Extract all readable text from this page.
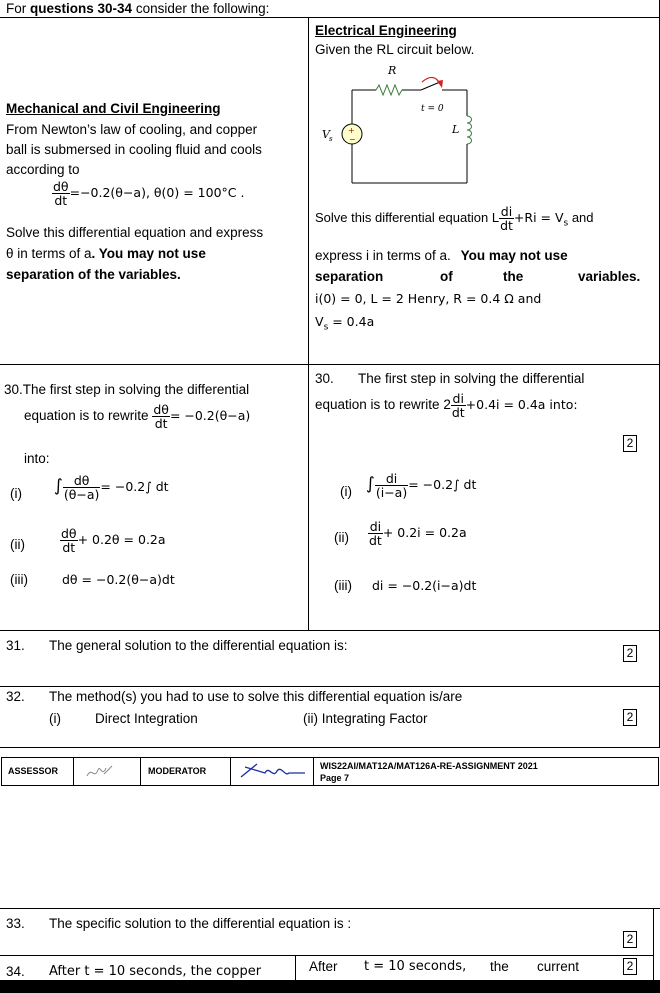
For questions 30-34 consider the following:
Mechanical and Civil Engineering
From Newton’s law of cooling, and copper
ball is submersed in cooling fluid and cools
according to
$\frac{d\theta}{dt} =-0.2(\theta-a)$, θ(0) = 100°C .
Solve this differential equation and express
θ in terms of a. You may not use
separation of the variables.
Electrical Engineering
Given the RL circuit below.
R
t = 0
V s
+
−
L
Solve this differential equation L $\frac{di}{dt} +Ri = V_s$ and
express i in terms of a. You may not use
separation	of	the	variables.
i(0) = 0, L = 2 Henry, R = 0.4 Ω and
$V_s = 0.4a$
30.The first step in solving the differential
equation is to rewrite $\frac{d\theta}{dt} = -0.2(\theta-a)$
into:
(i) ∫ $\frac{d\theta}{(\theta-a)} = -0.2\int$ dt
(ii)	$\frac{d\theta}{dt} + 0.2\theta = 0.2a$
(iii)	dθ = −0.2(θ−a)dt
30. The first step in solving the differential
equation is to rewrite $2 \frac{di}{dt} +0.4i = 0.4a$ into:
2
(i) ∫ $\frac{di}{(i-a)} = -0.2\int$ dt
$(ii) \frac{di}{dt} + 0.2i = 0.2a$
(iii) di = −0.2(i−a)dt
31. The general solution to the differential equation is:	2
32. The method(s) you had to use to solve this differential equation is/are
(i)	Direct Integration	(ii) Integrating Factor	2
ASSESSOR	MODERATOR	WIS22AI/MAT12A/MAT126A-RE-ASSIGNMENT 2021
Page 7
33. The specific solution to the differential equation is :
2
34. After t = 10 seconds, the copper	After t = 10 seconds, the current	2
